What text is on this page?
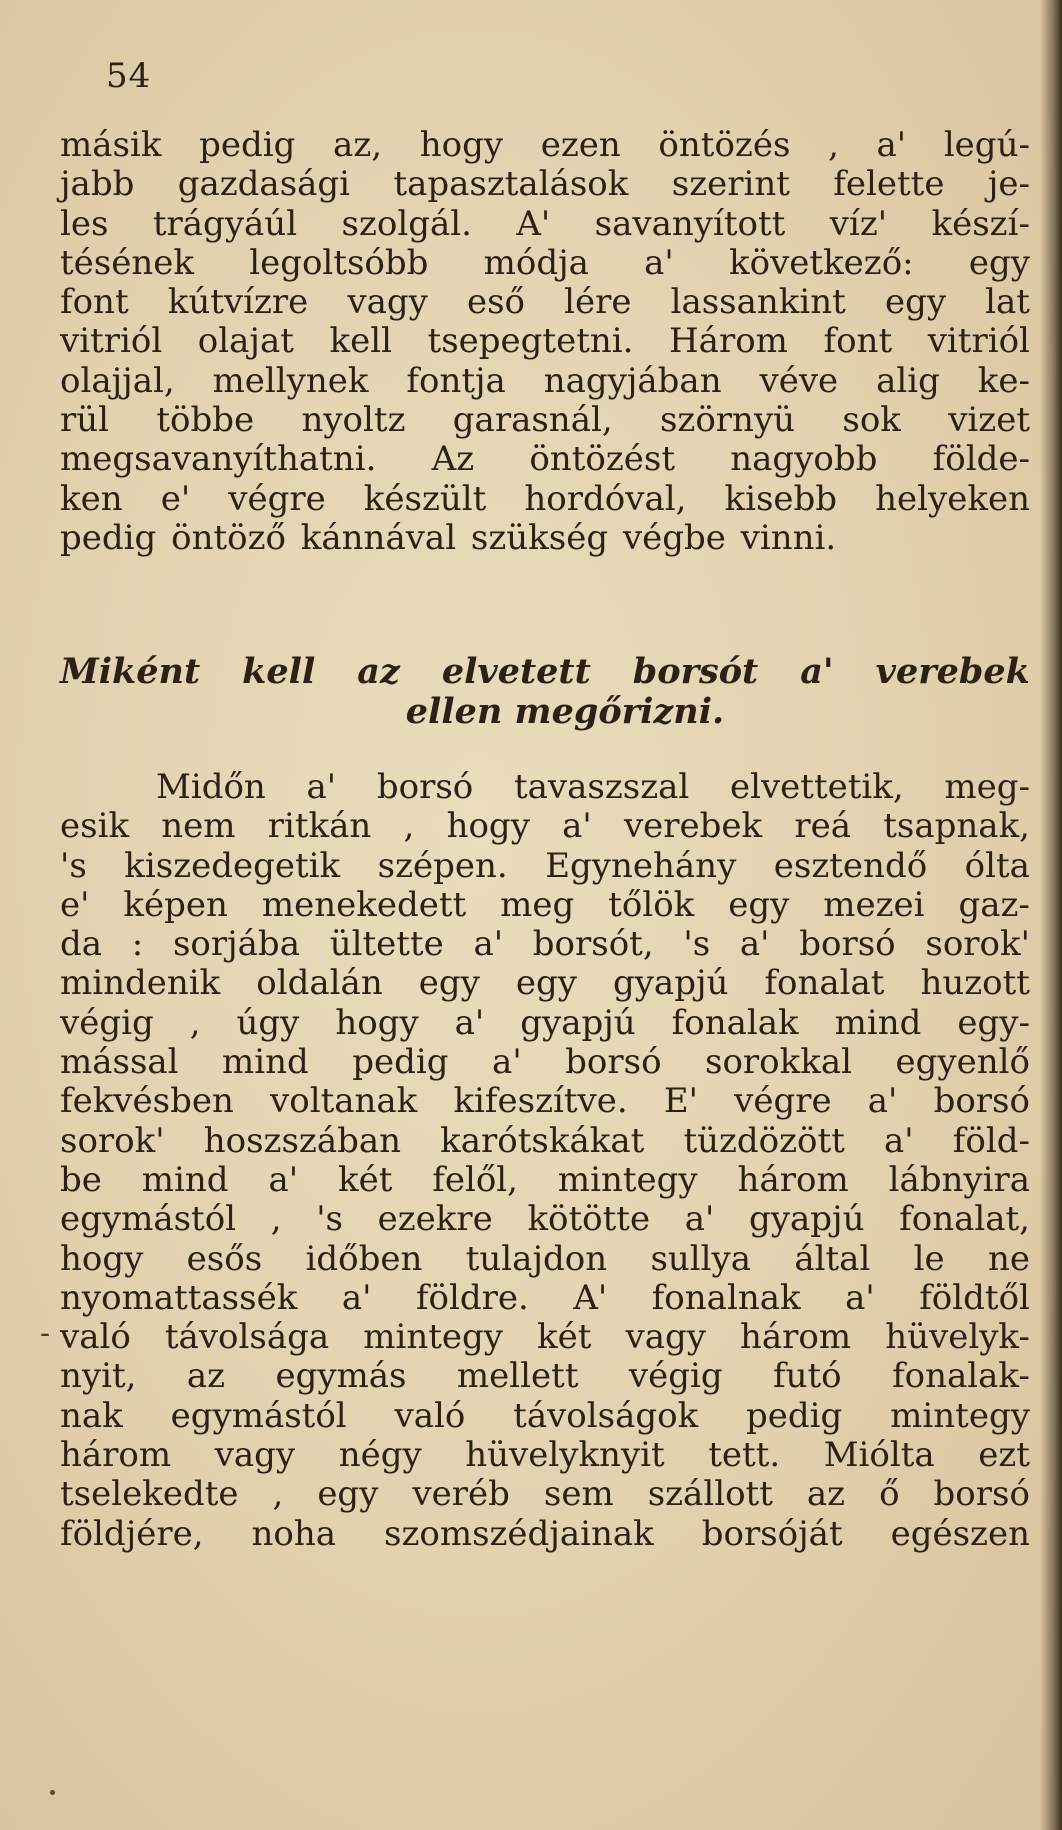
54
másik pedig az, hogy ezen öntözés , a' legú-
jabb gazdasági tapasztalások szerint felette je-
les trágyáúl szolgál. A' savanyított víz' készí-
tésének legoltsóbb módja a' következő: egy
font kútvízre vagy eső lére lassankint egy lat
vitriól olajat kell tsepegtetni. Három font vitriól
olajjal, mellynek fontja nagyjában véve alig ke-
rül többe nyoltz garasnál, szörnyü sok vizet
megsavanyíthatni. Az öntözést nagyobb földe-
ken e' végre készült hordóval, kisebb helyeken
pedig öntöző kánnával szükség végbe vinni.
Miként kell az elvetett borsót a' verebek
ellen megőrizni.
Midőn a' borsó tavaszszal elvettetik, meg-
esik nem ritkán , hogy a' verebek reá tsapnak,
's kiszedegetik szépen. Egynehány esztendő ólta
e' képen menekedett meg tőlök egy mezei gaz-
da : sorjába ültette a' borsót, 's a' borsó sorok'
mindenik oldalán egy egy gyapjú fonalat huzott
végig , úgy hogy a' gyapjú fonalak mind egy-
mással mind pedig a' borsó sorokkal egyenlő
fekvésben voltanak kifeszítve. E' végre a' borsó
sorok' hoszszában karótskákat tüzdözött a' föld-
be mind a' két felől, mintegy három lábnyira
egymástól , 's ezekre kötötte a' gyapjú fonalat,
hogy esős időben tulajdon sullya által le ne
nyomattassék a' földre. A' fonalnak a' földtől
való távolsága mintegy két vagy három hüvelyk-
nyit, az egymás mellett végig futó fonalak-
nak egymástól való távolságok pedig mintegy
három vagy négy hüvelyknyit tett. Miólta ezt
tselekedte , egy veréb sem szállott az ő borsó
földjére, noha szomszédjainak borsóját egészen
-
